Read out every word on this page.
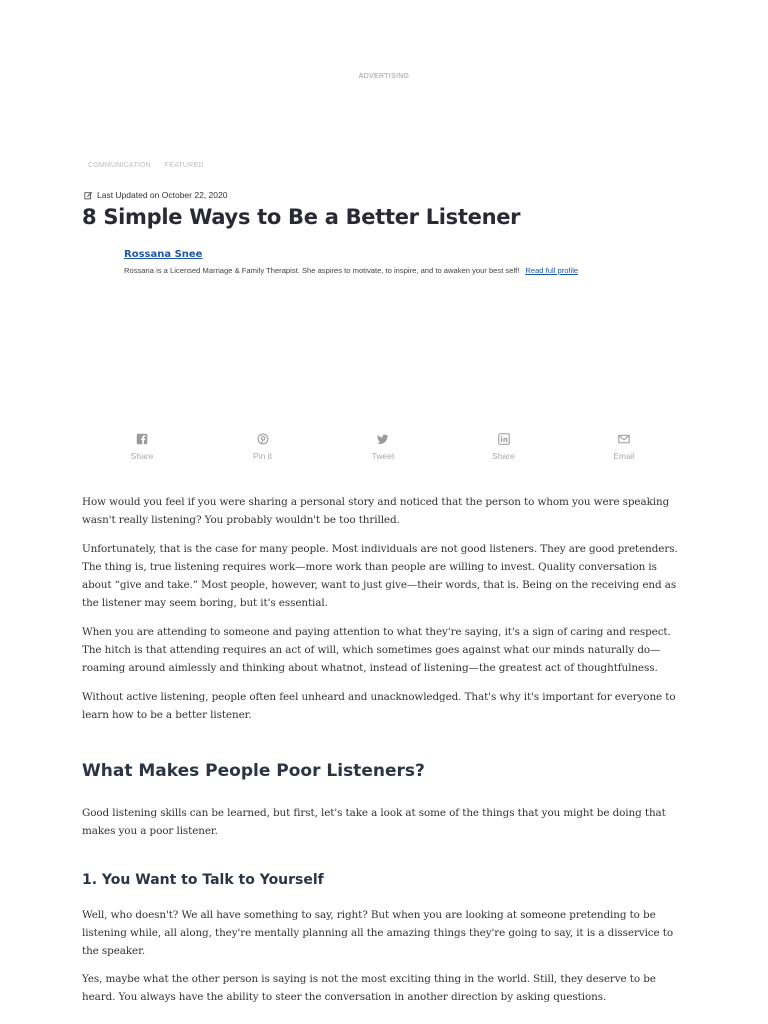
ADVERTISING
COMMUNICATION FEATURED
Last Updated on October 22, 2020
8 Simple Ways to Be a Better Listener
Rossana Snee
Rossana is a Licensed Marriage & Family Therapist. She aspires to motivate, to inspire, and to awaken your best self! Read full profile
Share	Pin it	Tweet	Share	Email

How would you feel if you were sharing a personal story and noticed that the person to whom you were speaking wasn't really listening? You probably wouldn't be too thrilled.

Unfortunately, that is the case for many people. Most individuals are not good listeners. They are good pretenders. The thing is, true listening requires work—more work than people are willing to invest. Quality conversation is about “give and take.” Most people, however, want to just give—their words, that is. Being on the receiving end as the listener may seem boring, but it's essential.

When you are attending to someone and paying attention to what they're saying, it's a sign of caring and respect. The hitch is that attending requires an act of will, which sometimes goes against what our minds naturally do—roaming around aimlessly and thinking about whatnot, instead of listening—the greatest act of thoughtfulness.

Without active listening, people often feel unheard and unacknowledged. That's why it's important for everyone to learn how to be a better listener.

What Makes People Poor Listeners?

Good listening skills can be learned, but first, let's take a look at some of the things that you might be doing that makes you a poor listener.

1. You Want to Talk to Yourself

Well, who doesn't? We all have something to say, right? But when you are looking at someone pretending to be listening while, all along, they're mentally planning all the amazing things they're going to say, it is a disservice to the speaker.

Yes, maybe what the other person is saying is not the most exciting thing in the world. Still, they deserve to be heard. You always have the ability to steer the conversation in another direction by asking questions.
